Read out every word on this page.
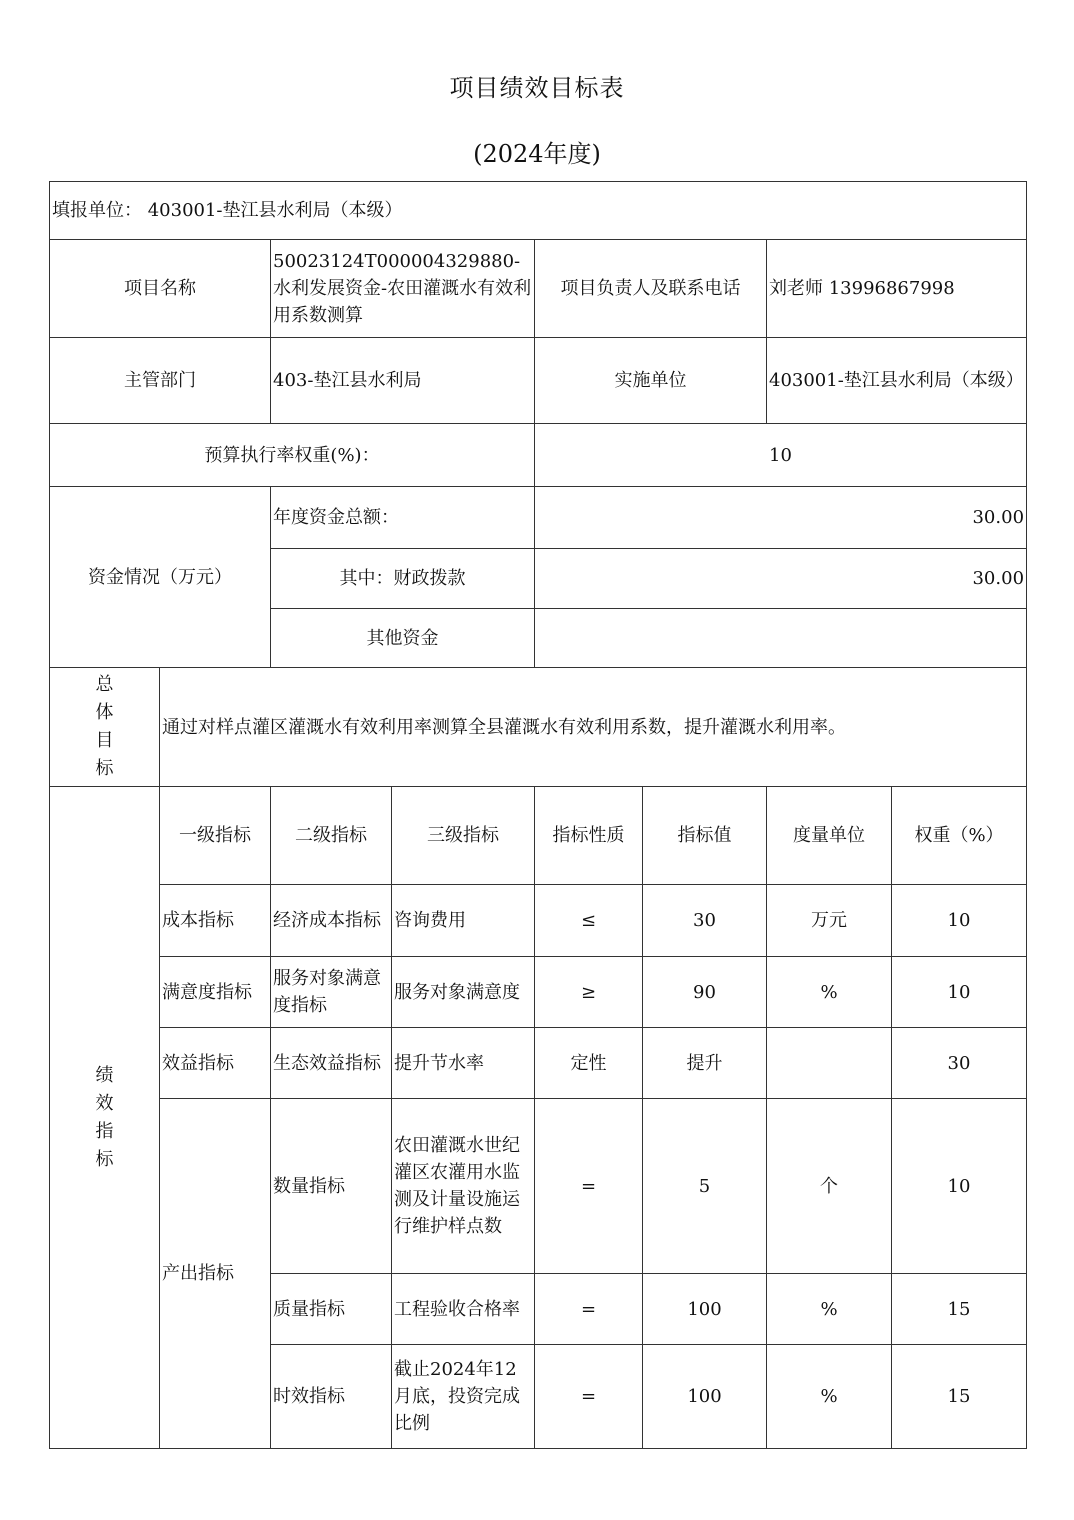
项目绩效目标表
(2024年度)
填报单位： 403001-垫江县水利局（本级）							
项目名称		50023124T000004329880-水利发展资金-农田灌溉水有效利用系数测算		项目负责人及联系电话		刘老师 13996867998	
主管部门		403-垫江县水利局		实施单位		403001-垫江县水利局（本级）	
预算执行率权重(%)：				10			
资金情况（万元）		年度资金总额：		30.00			
		其中：财政拨款		30.00			
		其他资金					

总体目标	通过对样点灌区灌溉水有效利用率测算全县灌溉水有效利用系数，提升灌溉水利用率。						

绩效指标	一级指标	二级指标	三级指标	指标性质	指标值	度量单位	权重（%）
	成本指标	经济成本指标	咨询费用	≤	30	万元	10
	满意度指标	服务对象满意度指标	服务对象满意度	≥	90	%	10
	效益指标	生态效益指标	提升节水率	定性	提升		30
	产出指标	数量指标	农田灌溉水世纪灌区农灌用水监测及计量设施运行维护样点数	=	5	个	10
		质量指标	工程验收合格率	=	100	%	15
		时效指标	截止2024年12月底，投资完成比例	=	100	%	15
